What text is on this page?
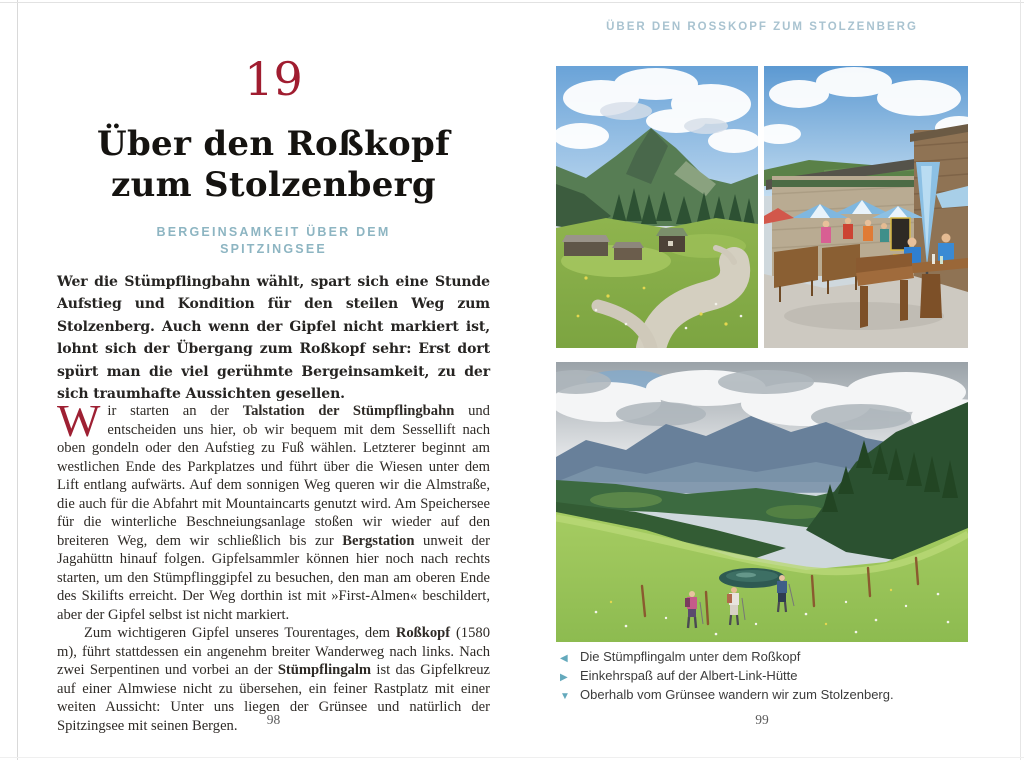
19
Über den Roßkopf
zum Stolzenberg
BERGEINSAMKEIT ÜBER DEM SPITZINGSEE
Wer die Stümpflingbahn wählt, spart sich eine Stunde Aufstieg und Kondition für den steilen Weg zum Stolzenberg. Auch wenn der Gipfel nicht markiert ist, lohnt sich der Übergang zum Roßkopf sehr: Erst dort spürt man die viel gerühmte Bergeinsamkeit, zu der sich traumhafte Aussichten gesellen.

Wir starten an der Talstation der Stümpflingbahn und entscheiden uns hier, ob wir bequem mit dem Sessellift nach oben gondeln oder den Aufstieg zu Fuß wählen. Letzterer beginnt am westlichen Ende des Parkplatzes und führt über die Wiesen unter dem Lift entlang aufwärts. Auf dem sonnigen Weg queren wir die Almstraße, die auch für die Abfahrt mit Mountaincarts genutzt wird. Am Speichersee für die winterliche Beschneiungsanlage stoßen wir wieder auf den breiteren Weg, dem wir schließlich bis zur Bergstation unweit der Jagahüttn hinauf folgen. Gipfelsammler können hier noch nach rechts starten, um den Stümpflinggipfel zu besuchen, den man am oberen Ende des Skilifts erreicht. Der Weg dorthin ist mit »First-Almen« beschildert, aber der Gipfel selbst ist nicht markiert.

Zum wichtigeren Gipfel unseres Tourentages, dem Roßkopf (1580 m), führt stattdessen ein angenehm breiter Wanderweg nach links. Nach zwei Serpentinen und vorbei an der Stümpflingalm ist das Gipfelkreuz auf einer Almwiese nicht zu übersehen, ein feiner Rastplatz mit einer weiten Aussicht: Unter uns liegen der Grünsee und natürlich der Spitzingsee mit seinen Bergen.	98
ÜBER DEN ROSSKOPF ZUM STOLZENBERG
◀ Die Stümpflingalm unter dem Roßkopf
▶ Einkehrspaß auf der Albert-Link-Hütte
▼ Oberhalb vom Grünsee wandern wir zum Stolzenberg.
99
